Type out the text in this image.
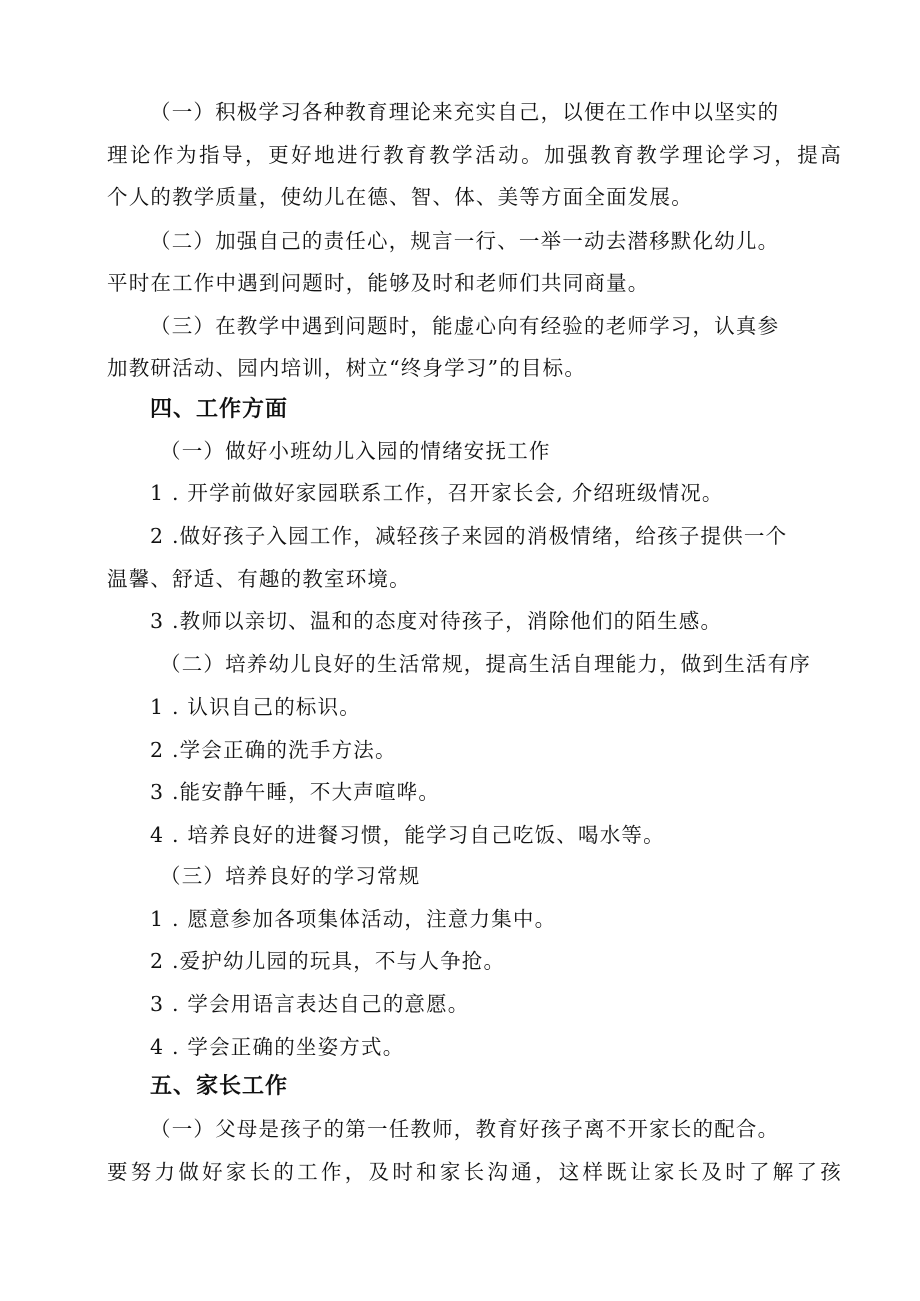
（一）积极学习各种教育理论来充实自己，以便在工作中以坚实的
理论作为指导，更好地进行教育教学活动。加强教育教学理论学习，提高
个人的教学质量，使幼儿在德、智、体、美等方面全面发展。
（二）加强自己的责任心，规言一行、一举一动去潜移默化幼儿。
平时在工作中遇到问题时，能够及时和老师们共同商量。
（三）在教学中遇到问题时，能虚心向有经验的老师学习，认真参
加教研活动、园内培训，树立“终身学习”的目标。
四、工作方面
（一）做好小班幼儿入园的情绪安抚工作
1 . 开学前做好家园联系工作，召开家长会, 介绍班级情况。
2 .做好孩子入园工作，减轻孩子来园的消极情绪，给孩子提供一个
温馨、舒适、有趣的教室环境。
3 .教师以亲切、温和的态度对待孩子，消除他们的陌生感。
（二）培养幼儿良好的生活常规，提高生活自理能力，做到生活有序
1 . 认识自己的标识。
2 .学会正确的洗手方法。
3 .能安静午睡，不大声喧哗。
4 . 培养良好的进餐习惯，能学习自己吃饭、喝水等。
（三）培养良好的学习常规
1 . 愿意参加各项集体活动，注意力集中。
2 .爱护幼儿园的玩具，不与人争抢。
3 . 学会用语言表达自己的意愿。
4 . 学会正确的坐姿方式。
五、家长工作
（一）父母是孩子的第一任教师，教育好孩子离不开家长的配合。
要努力做好家长的工作，及时和家长沟通，这样既让家长及时了解了孩
